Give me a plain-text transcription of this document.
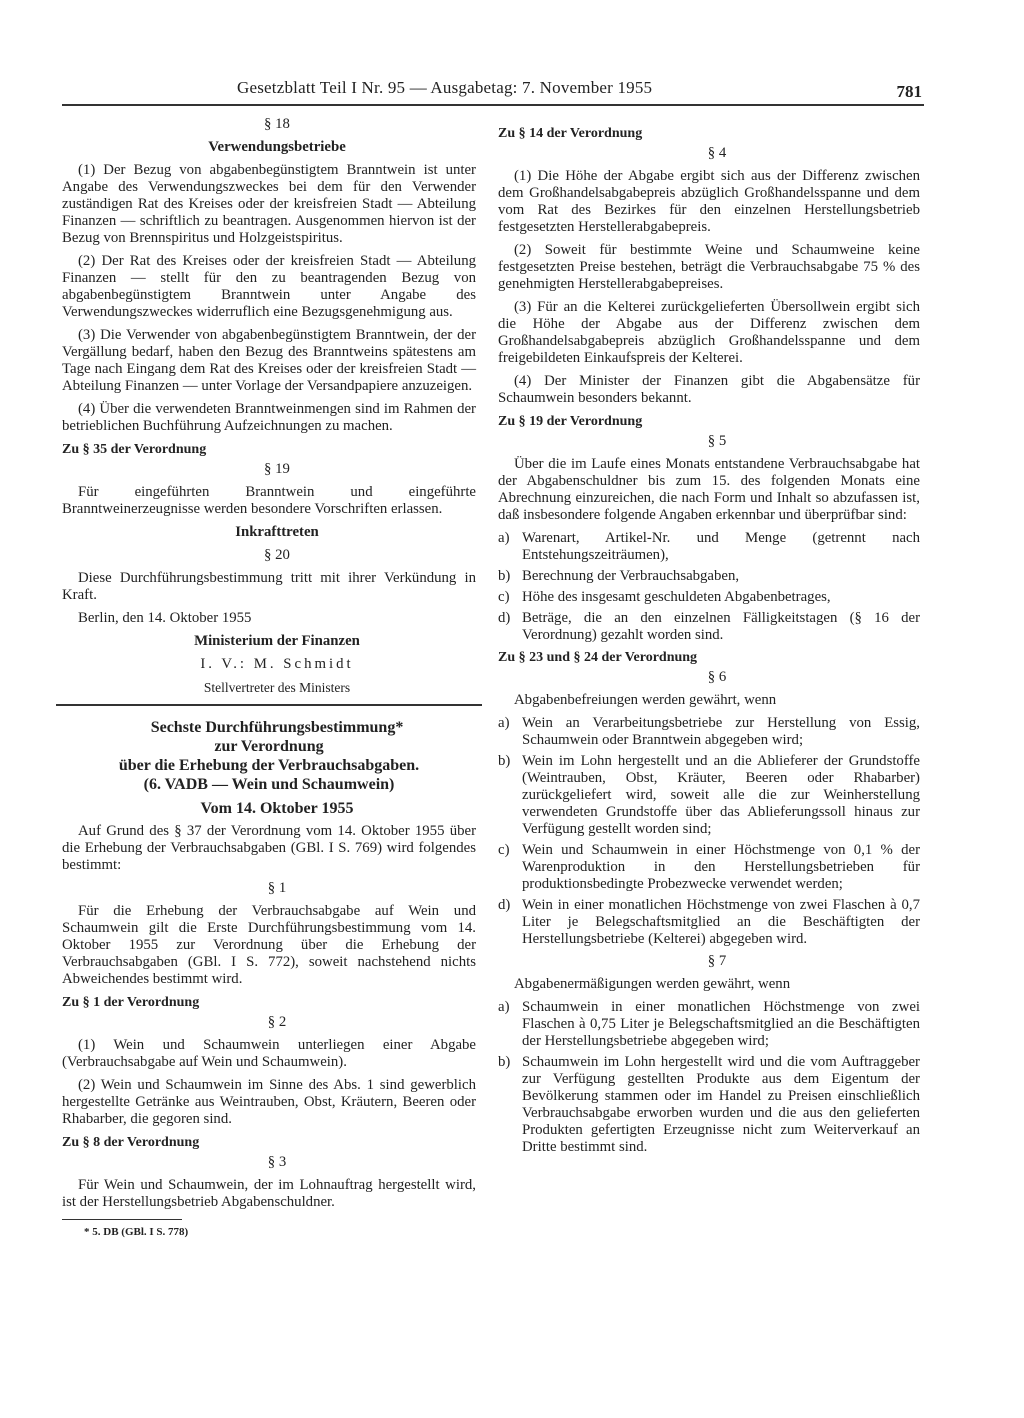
Gesetzblatt Teil I Nr. 95 — Ausgabetag: 7. November 1955	781

§ 18

Verwendungsbetriebe

(1) Der Bezug von abgabenbegünstigtem Branntwein ist unter Angabe des Verwendungszweckes bei dem für den Verwender zuständigen Rat des Kreises oder der kreisfreien Stadt — Abteilung Finanzen — schriftlich zu beantragen. Ausgenommen hiervon ist der Bezug von Brennspiritus und Holzgeistspiritus.

(2) Der Rat des Kreises oder der kreisfreien Stadt — Abteilung Finanzen — stellt für den zu beantragenden Bezug von abgabenbegünstigtem Branntwein unter Angabe des Verwendungszweckes widerruflich eine Bezugsgenehmigung aus.

(3) Die Verwender von abgabenbegünstigtem Branntwein, der der Vergällung bedarf, haben den Bezug des Branntweins spätestens am Tage nach Eingang dem Rat des Kreises oder der kreisfreien Stadt — Abteilung Finanzen — unter Vorlage der Versandpapiere anzuzeigen.

(4) Über die verwendeten Branntweinmengen sind im Rahmen der betrieblichen Buchführung Aufzeichnungen zu machen.

Zu § 35 der Verordnung

§ 19

Für eingeführten Branntwein und eingeführte Branntweinerzeugnisse werden besondere Vorschriften erlassen.

Inkrafttreten

§ 20

Diese Durchführungsbestimmung tritt mit ihrer Verkündung in Kraft.

Berlin, den 14. Oktober 1955

Ministerium der Finanzen

I. V.: M. Schmidt

Stellvertreter des Ministers

Sechste Durchführungsbestimmung*
zur Verordnung
über die Erhebung der Verbrauchsabgaben.
(6. VADB — Wein und Schaumwein)

Vom 14. Oktober 1955

Auf Grund des § 37 der Verordnung vom 14. Oktober 1955 über die Erhebung der Verbrauchsabgaben (GBl. I S. 769) wird folgendes bestimmt:

§ 1

Für die Erhebung der Verbrauchsabgabe auf Wein und Schaumwein gilt die Erste Durchführungsbestimmung vom 14. Oktober 1955 zur Verordnung über die Erhebung der Verbrauchsabgaben (GBl. I S. 772), soweit nachstehend nichts Abweichendes bestimmt wird.

Zu § 1 der Verordnung

§ 2

(1) Wein und Schaumwein unterliegen einer Abgabe (Verbrauchsabgabe auf Wein und Schaumwein).

(2) Wein und Schaumwein im Sinne des Abs. 1 sind gewerblich hergestellte Getränke aus Weintrauben, Obst, Kräutern, Beeren oder Rhabarber, die gegoren sind.

Zu § 8 der Verordnung

§ 3

Für Wein und Schaumwein, der im Lohnauftrag hergestellt wird, ist der Herstellungsbetrieb Abgabenschuldner.

* 5. DB (GBl. I S. 778)

Zu § 14 der Verordnung

§ 4

(1) Die Höhe der Abgabe ergibt sich aus der Differenz zwischen dem Großhandelsabgabepreis abzüglich Großhandelsspanne und dem vom Rat des Bezirkes für den einzelnen Herstellungsbetrieb festgesetzten Herstellerabgabepreis.

(2) Soweit für bestimmte Weine und Schaumweine keine festgesetzten Preise bestehen, beträgt die Verbrauchsabgabe 75 % des genehmigten Herstellerabgabepreises.

(3) Für an die Kelterei zurückgelieferten Übersollwein ergibt sich die Höhe der Abgabe aus der Differenz zwischen dem Großhandelsabgabepreis abzüglich Großhandelsspanne und dem freigebildeten Einkaufspreis der Kelterei.

(4) Der Minister der Finanzen gibt die Abgabensätze für Schaumwein besonders bekannt.

Zu § 19 der Verordnung

§ 5

Über die im Laufe eines Monats entstandene Verbrauchsabgabe hat der Abgabenschuldner bis zum 15. des folgenden Monats eine Abrechnung einzureichen, die nach Form und Inhalt so abzufassen ist, daß insbesondere folgende Angaben erkennbar und überprüfbar sind:

a) Warenart, Artikel-Nr. und Menge (getrennt nach Entstehungszeiträumen),
b) Berechnung der Verbrauchsabgaben,
c) Höhe des insgesamt geschuldeten Abgabenbetrages,
d) Beträge, die an den einzelnen Fälligkeitstagen (§ 16 der Verordnung) gezahlt worden sind.
Zu § 23 und § 24 der Verordnung

§ 6

Abgabenbefreiungen werden gewährt, wenn

a) Wein an Verarbeitungsbetriebe zur Herstellung von Essig, Schaumwein oder Branntwein abgegeben wird;
b) Wein im Lohn hergestellt und an die Ablieferer der Grundstoffe (Weintrauben, Obst, Kräuter, Beeren oder Rhabarber) zurückgeliefert wird, soweit alle die zur Weinherstellung verwendeten Grundstoffe über das Ablieferungssoll hinaus zur Verfügung gestellt worden sind;
c) Wein und Schaumwein in einer Höchstmenge von 0,1 % der Warenproduktion in den Herstellungsbetrieben für produktionsbedingte Probezwecke verwendet werden;
d) Wein in einer monatlichen Höchstmenge von zwei Flaschen à 0,7 Liter je Belegschaftsmitglied an die Beschäftigten der Herstellungsbetriebe (Kelterei) abgegeben wird.

§ 7

Abgabenermäßigungen werden gewährt, wenn

a) Schaumwein in einer monatlichen Höchstmenge von zwei Flaschen à 0,75 Liter je Belegschaftsmitglied an die Beschäftigten der Herstellungsbetriebe abgegeben wird;
b) Schaumwein im Lohn hergestellt wird und die vom Auftraggeber zur Verfügung gestellten Produkte aus dem Eigentum der Bevölkerung stammen oder im Handel zu Preisen einschließlich Verbrauchsabgabe erworben wurden und die aus den gelieferten Produkten gefertigten Erzeugnisse nicht zum Weiterverkauf an Dritte bestimmt sind.
